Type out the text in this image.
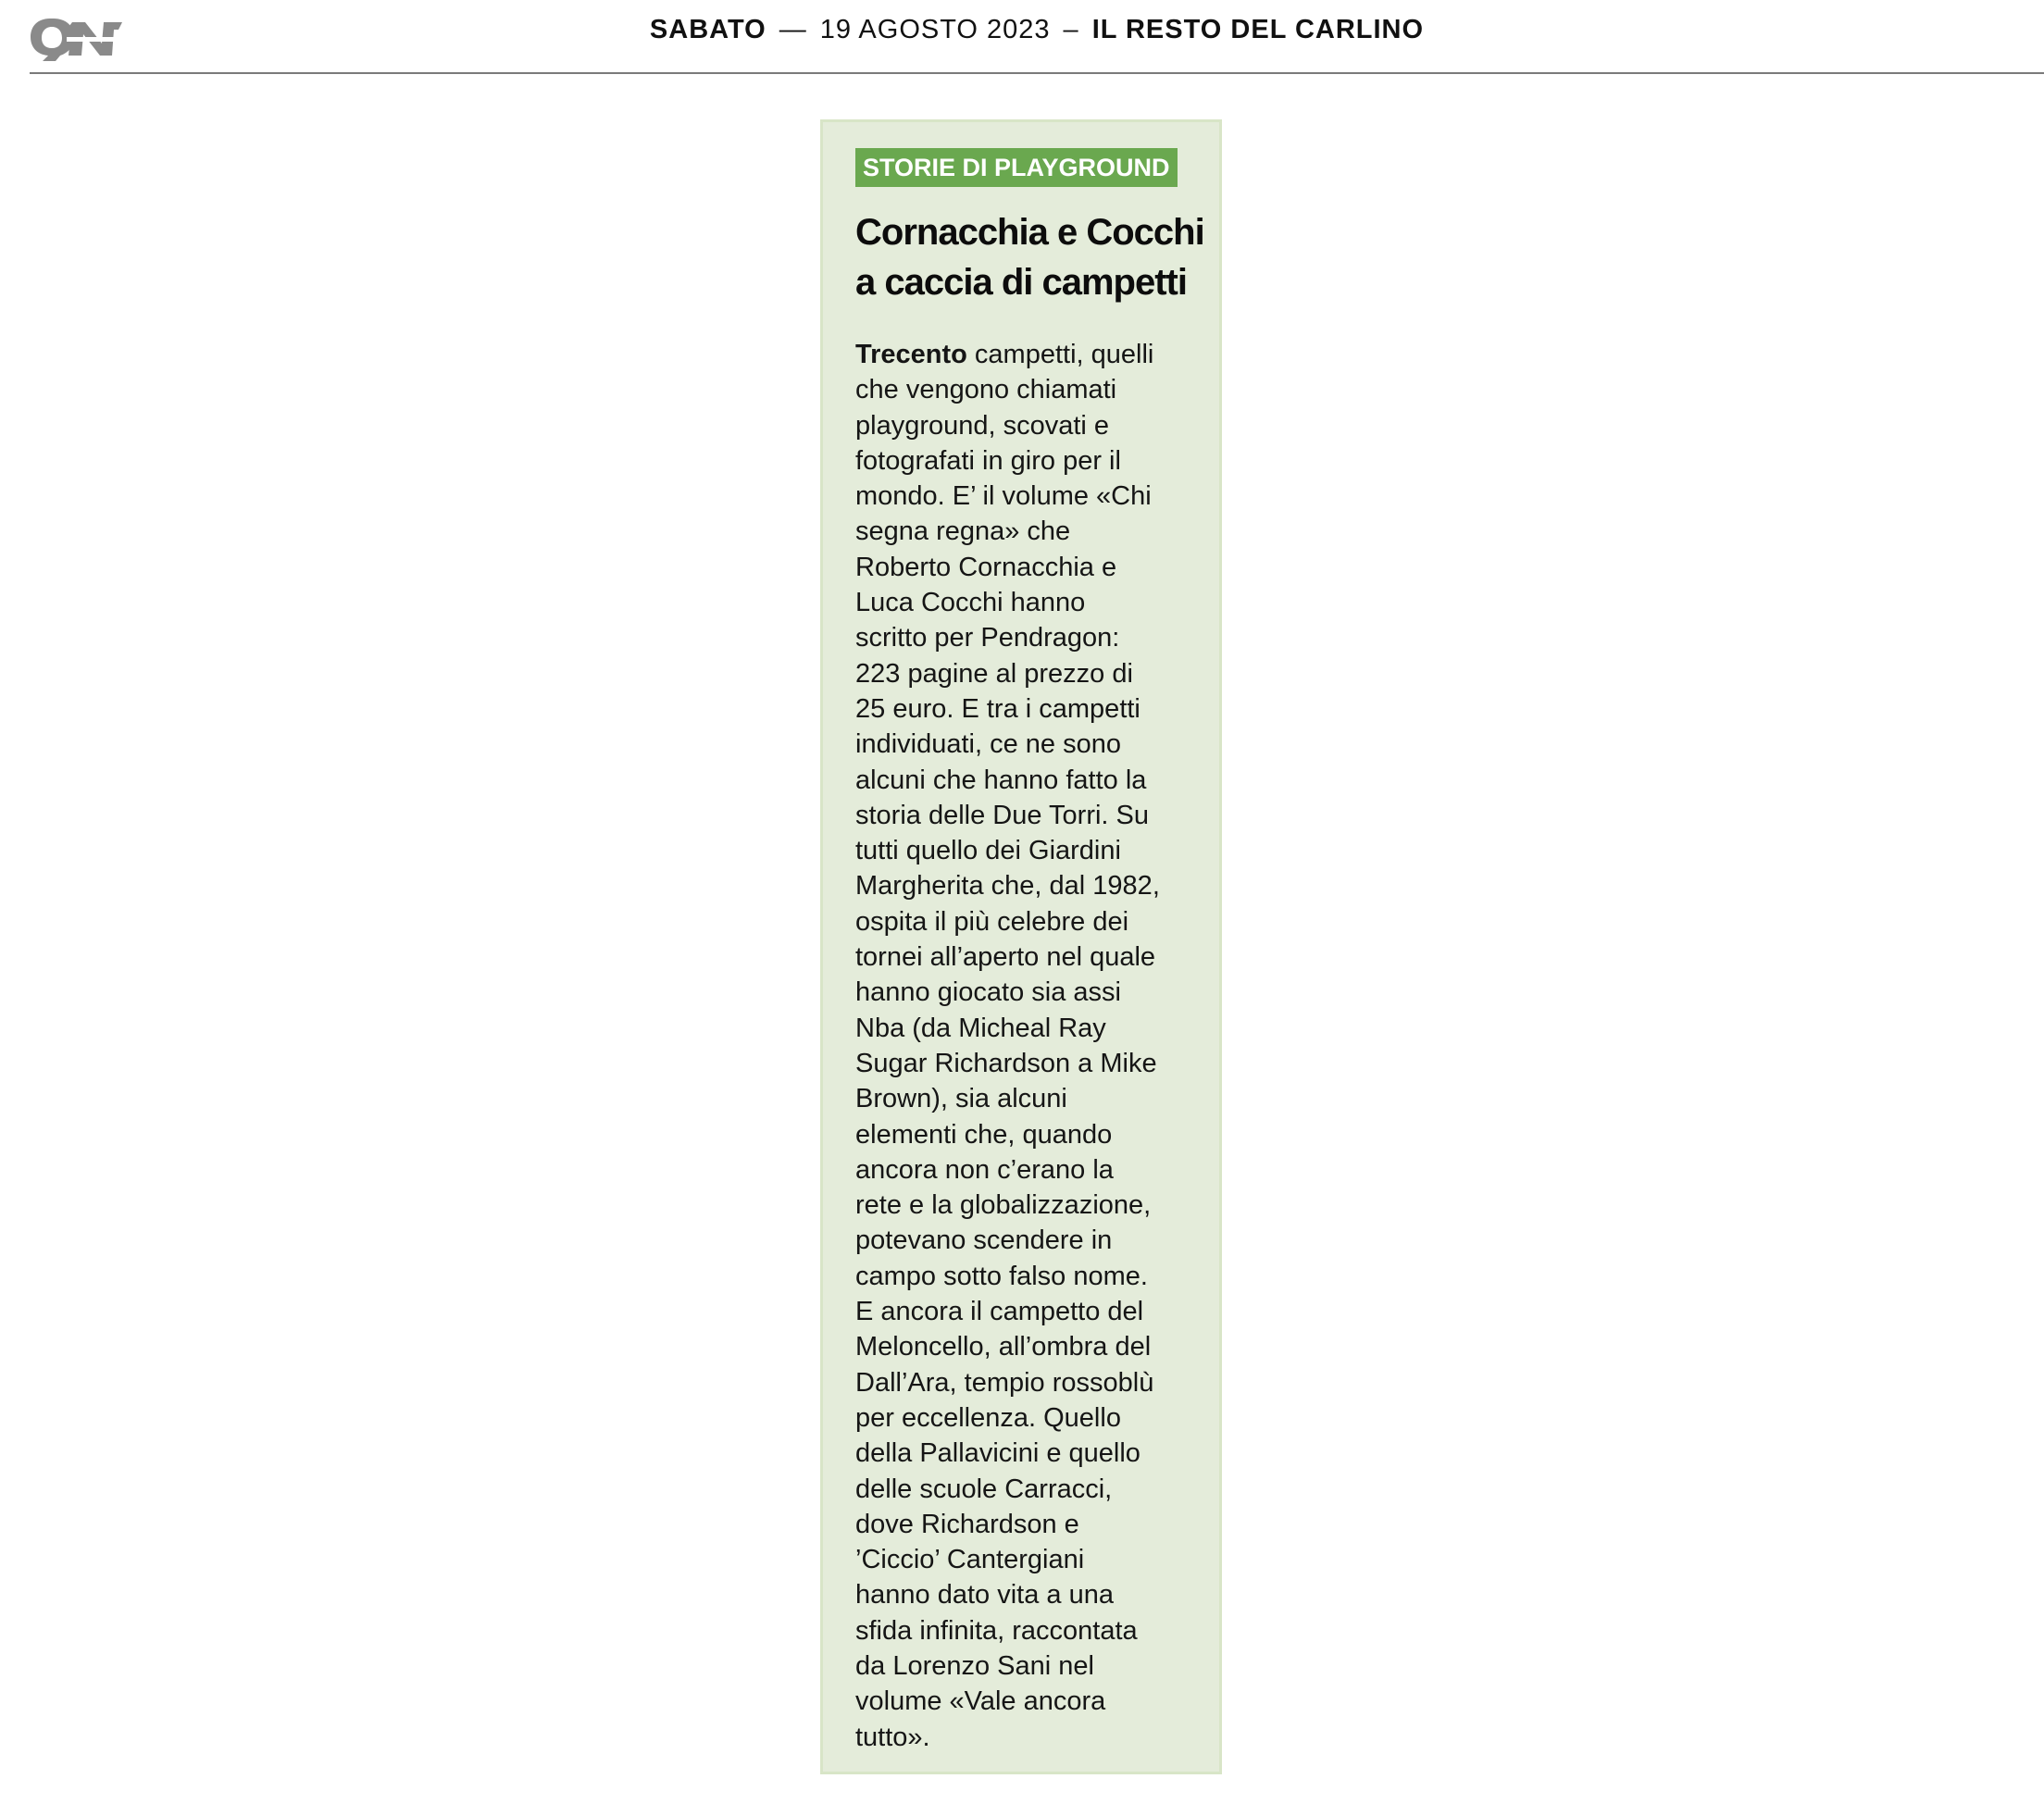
SABATO — 19 AGOSTO 2023 – IL RESTO DEL CARLINO
STORIE DI PLAYGROUND
Cornacchia e Cocchi
a caccia di campetti
Trecento campetti, quelli
che vengono chiamati
playground, scovati e
fotografati in giro per il
mondo. E’ il volume «Chi
segna regna» che
Roberto Cornacchia e
Luca Cocchi hanno
scritto per Pendragon:
223 pagine al prezzo di
25 euro. E tra i campetti
individuati, ce ne sono
alcuni che hanno fatto la
storia delle Due Torri. Su
tutti quello dei Giardini
Margherita che, dal 1982,
ospita il più celebre dei
tornei all’aperto nel quale
hanno giocato sia assi
Nba (da Micheal Ray
Sugar Richardson a Mike
Brown), sia alcuni
elementi che, quando
ancora non c’erano la
rete e la globalizzazione,
potevano scendere in
campo sotto falso nome.
E ancora il campetto del
Meloncello, all’ombra del
Dall’Ara, tempio rossoblù
per eccellenza. Quello
della Pallavicini e quello
delle scuole Carracci,
dove Richardson e
’Ciccio’ Cantergiani
hanno dato vita a una
sfida infinita, raccontata
da Lorenzo Sani nel
volume «Vale ancora
tutto».
